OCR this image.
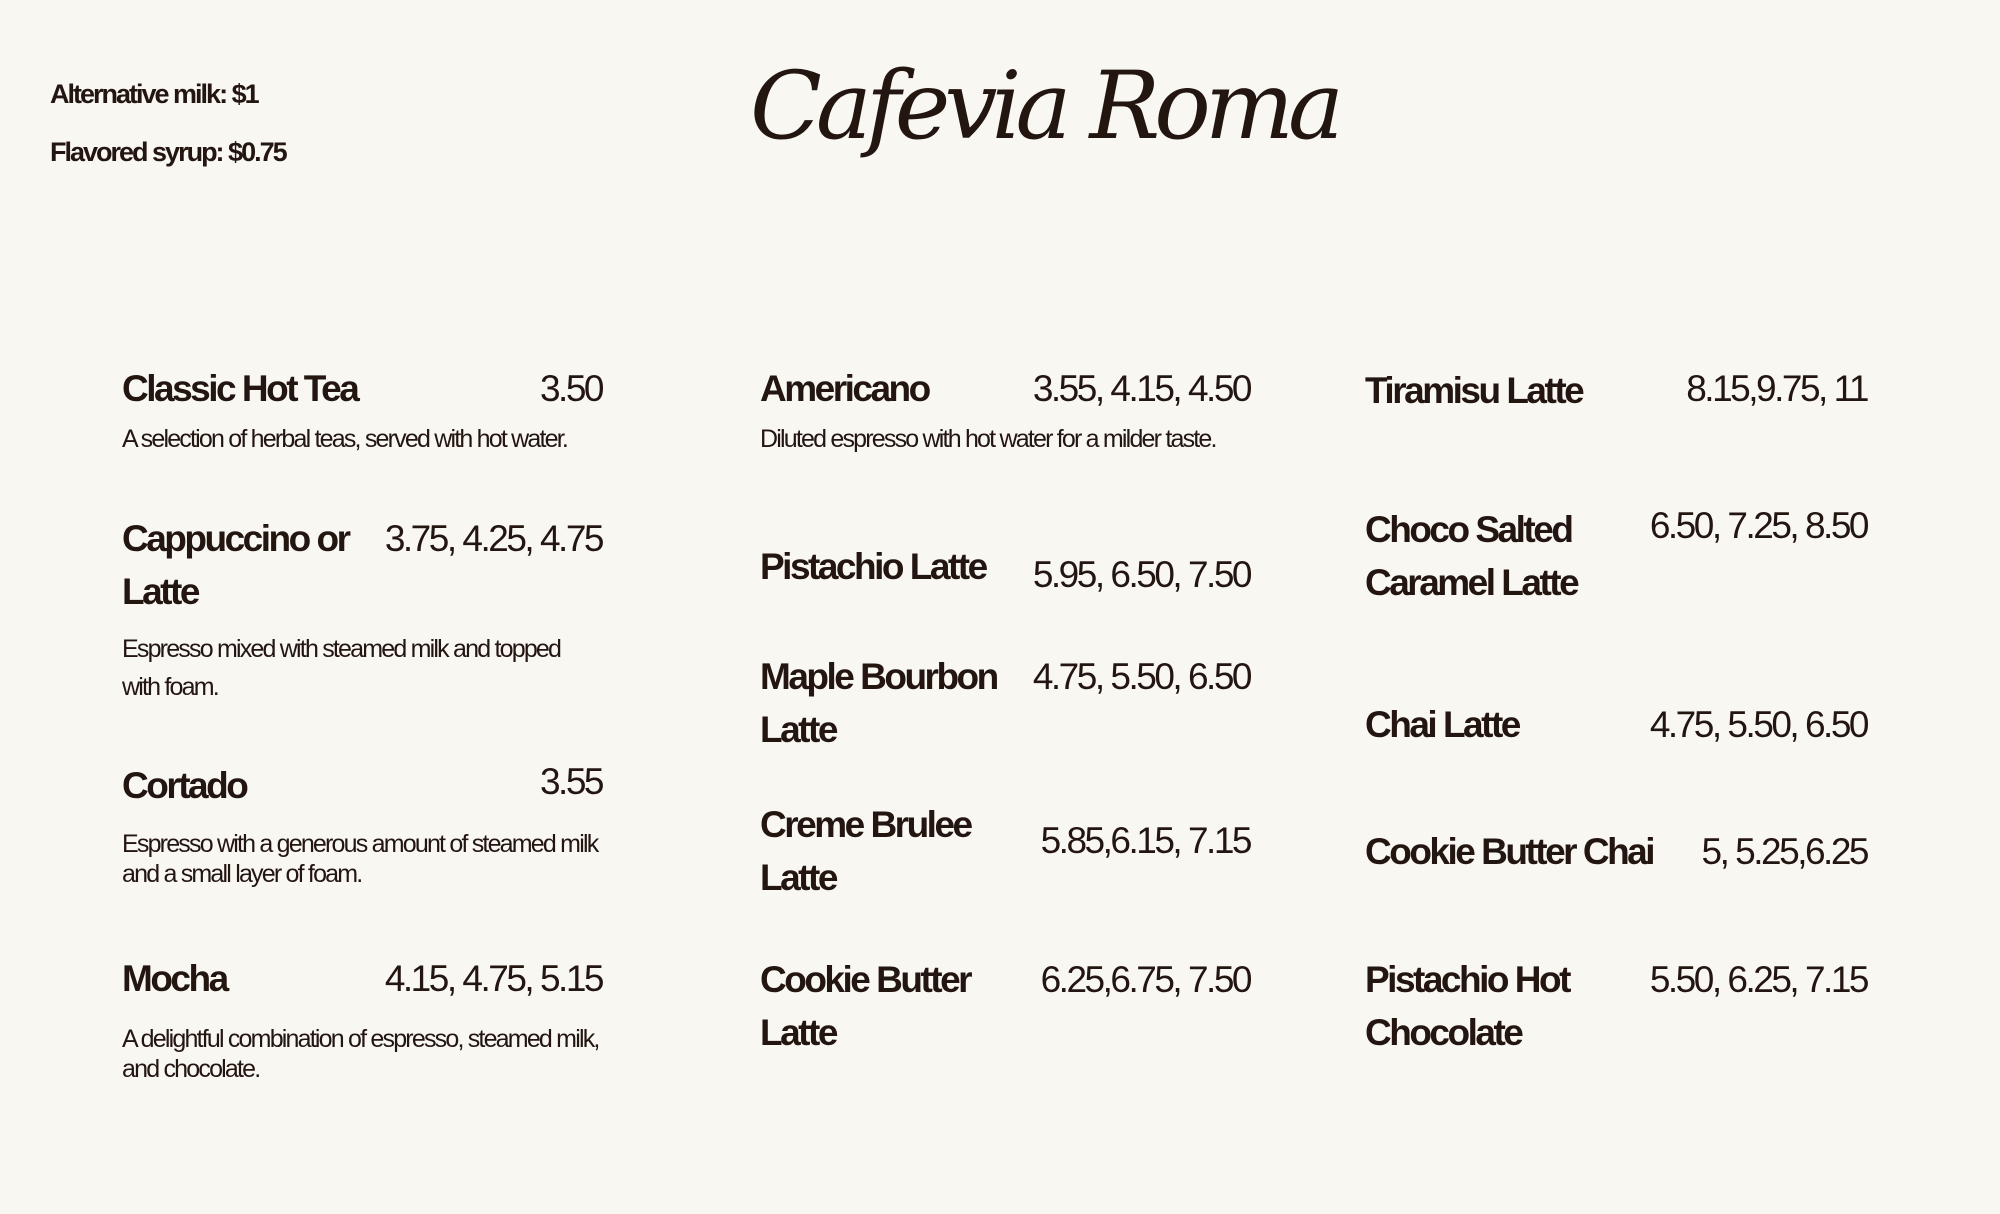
Alternative milk: $1
Flavored syrup: $0.75	Cafevia Roma
Classic Hot Tea	3.50
A selection of herbal teas, served with hot water.
Cappuccino or Latte
3.75, 4.25, 4.75
Espresso mixed with steamed milk and topped with foam.
Cortado	3.55
Espresso with a generous amount of steamed milk and a small layer of foam.
Mocha	4.15, 4.75, 5.15
A delightful combination of espresso, steamed milk, and chocolate.
Americano	3.55, 4.15, 4.50
Diluted espresso with hot water for a milder taste.
Pistachio Latte 5.95, 6.50, 7.50
Maple Bourbon Latte
4.75, 5.50, 6.50
Creme Brulee Latte
5.85,6.15, 7.15
Cookie Butter Latte
6.25,6.75, 7.50
Tiramisu Latte	8.15,9.75, 11
Choco Salted Caramel Latte
6.50, 7.25, 8.50
Chai Latte	4.75, 5.50, 6.50
Cookie Butter Chai 5, 5.25,6.25
Pistachio Hot Chocolate
5.50, 6.25, 7.15
